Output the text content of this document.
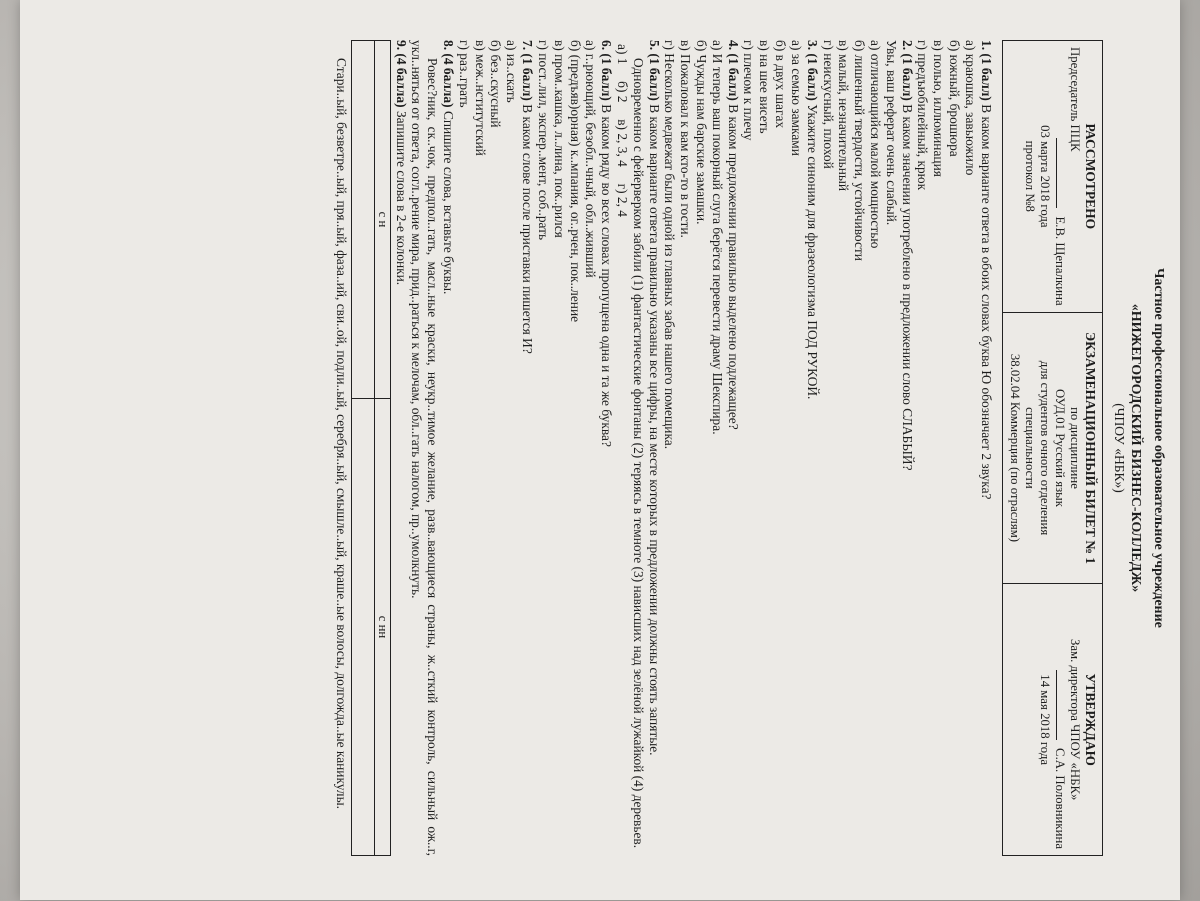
Частное профессиональное образовательное учреждение
«НИЖЕГОРОДСКИЙ БИЗНЕС-КОЛЛЕДЖ»
(ЧПОУ «НБК»)
РАССМОТРЕНО
Председатель ПЦК
Е.В. Щепалкина
03 марта 2018 года
протокол №8

ЭКЗАМЕНАЦИОННЫЙ БИЛЕТ № 1
по дисциплине
ОУД.01 Русский язык
для студентов очного отделения
специальности
38.02.04 Коммерция (по отраслям)

УТВЕРЖДАЮ
Зам. директора ЧПОУ «НБК»
С.А. Половникина
14 мая 2018 года

1. (1 балл) В каком варианте ответа в обоих словах буква Ю обозначает 2 звука?

а) краюшка, завьюжило

б) южный, брошюра

в) полью, иллюминация

г) предъюбилейный, крюк

2. (1 балл) В каком значении употреблено в предложении слово СЛАБЫЙ?

Увы, ваш реферат очень слабый.

а) отличающийся малой мощностью

б) лишенный твердости, устойчивости

в) малый, незначительный

г) неискусный, плохой

3. (1 балл) Укажите синоним для фразеологизма ПОД РУКОЙ.

а) за семью замками

б) в двух шагах

в) на шее висеть

г) плечом к плечу

4. (1 балл) В каком предложении правильно выделено подлежащее?

а) И теперь ваш покорный слуга берётся перевести драму Шекспира.

б) Чужды нам барские замашки.

в) Пожаловал к вам кто-то в гости.

г) Несколько медвежат были одной из главных забав нашего помещика.

5. (1 балл) В каком варианте ответа правильно указаны все цифры, на месте которых в предложении должны стоять запятые.

Одновременно с фейерверком забили (1) фантастические фонтаны (2) теряясь в темноте (3) нависших над зелёной лужайкой (4) деревьев.

а) 1     б) 2     в) 2, 3, 4     г) 2, 4

6. (1 балл) В каком ряду во всех словах пропущена одна и та же буква?

а) г..рюющий, безобл..чный, обл..живший

б) (предъяв)орная) к..мпания, ог..рчен, пок..ление

в) пром..кашка, л..лина, пок..рился

г) пост..лил, экспер..мент, соб..рать

7. (1 балл) В каком слове после приставки пишется И?

а) из..скать

б) без..скусный

в) меж..нститутский

г) раз..грать

8. (4 балла) Спишите слова, вставьте буквы.

Ровес?ник, ск..чок, предпол..гать, масл..ные краски, неукр..тимое желание, разв..вающиеся страны, ж..сткий контроль, сильный ож..г, укл..няться от ответа, согл..рение мира, прид..раться к мелочам, обл..гать налогом, пр..умолкнуть.

9. (4 балла) Запишите слова в 2-е колонки.

с н	с нн

Стари..ый, безветре..ый, пря..ый, фаза..ий, сви..ой, подли..ый, серебря..ый, смышле..ый, краше..ые волосы, долгожда..ые каникулы.
